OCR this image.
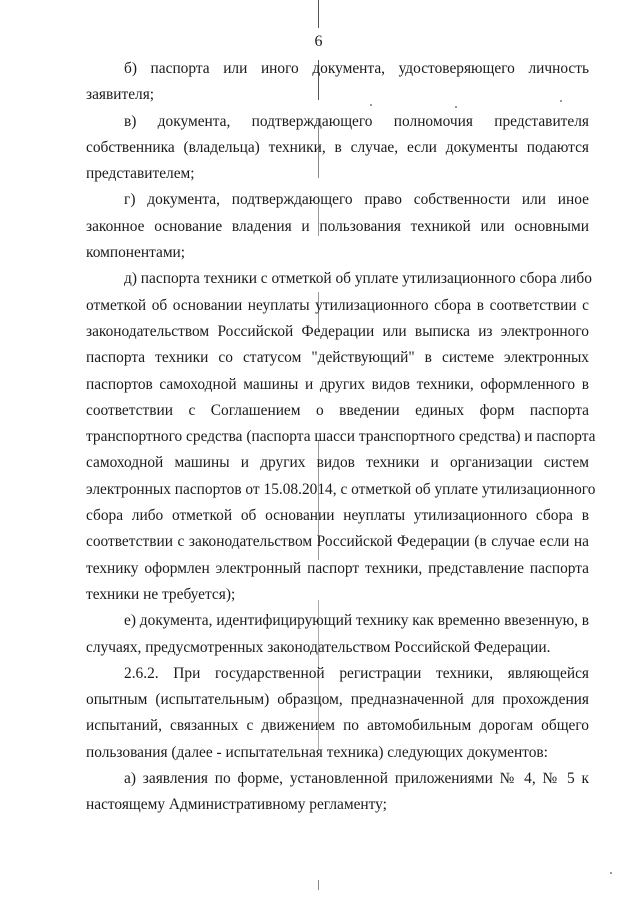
6
б) паспорта или иного документа, удостоверяющего личность
заявителя;
в) документа, подтверждающего полномочия представителя
собственника (владельца) техники, в случае, если документы подаются
представителем;
г) документа, подтверждающего право собственности или иное
законное основание владения и пользования техникой или основными
компонентами;
д) паспорта техники с отметкой об уплате утилизационного сбора либо
отметкой об основании неуплаты утилизационного сбора в соответствии с
законодательством Российской Федерации или выписка из электронного
паспорта техники со статусом "действующий" в системе электронных
паспортов самоходной машины и других видов техники, оформленного в
соответствии с Соглашением о введении единых форм паспорта
транспортного средства (паспорта шасси транспортного средства) и паспорта
самоходной машины и других видов техники и организации систем
электронных паспортов от 15.08.2014, с отметкой об уплате утилизационного
сбора либо отметкой об основании неуплаты утилизационного сбора в
соответствии с законодательством Российской Федерации (в случае если на
технику оформлен электронный паспорт техники, представление паспорта
техники не требуется);
е) документа, идентифицирующий технику как временно ввезенную, в
случаях, предусмотренных законодательством Российской Федерации.
2.6.2. При государственной регистрации техники, являющейся
опытным (испытательным) образцом, предназначенной для прохождения
испытаний, связанных с движением по автомобильным дорогам общего
пользования (далее - испытательная техника) следующих документов:
а) заявления по форме, установленной приложениями № 4, № 5 к
настоящему Административному регламенту;
